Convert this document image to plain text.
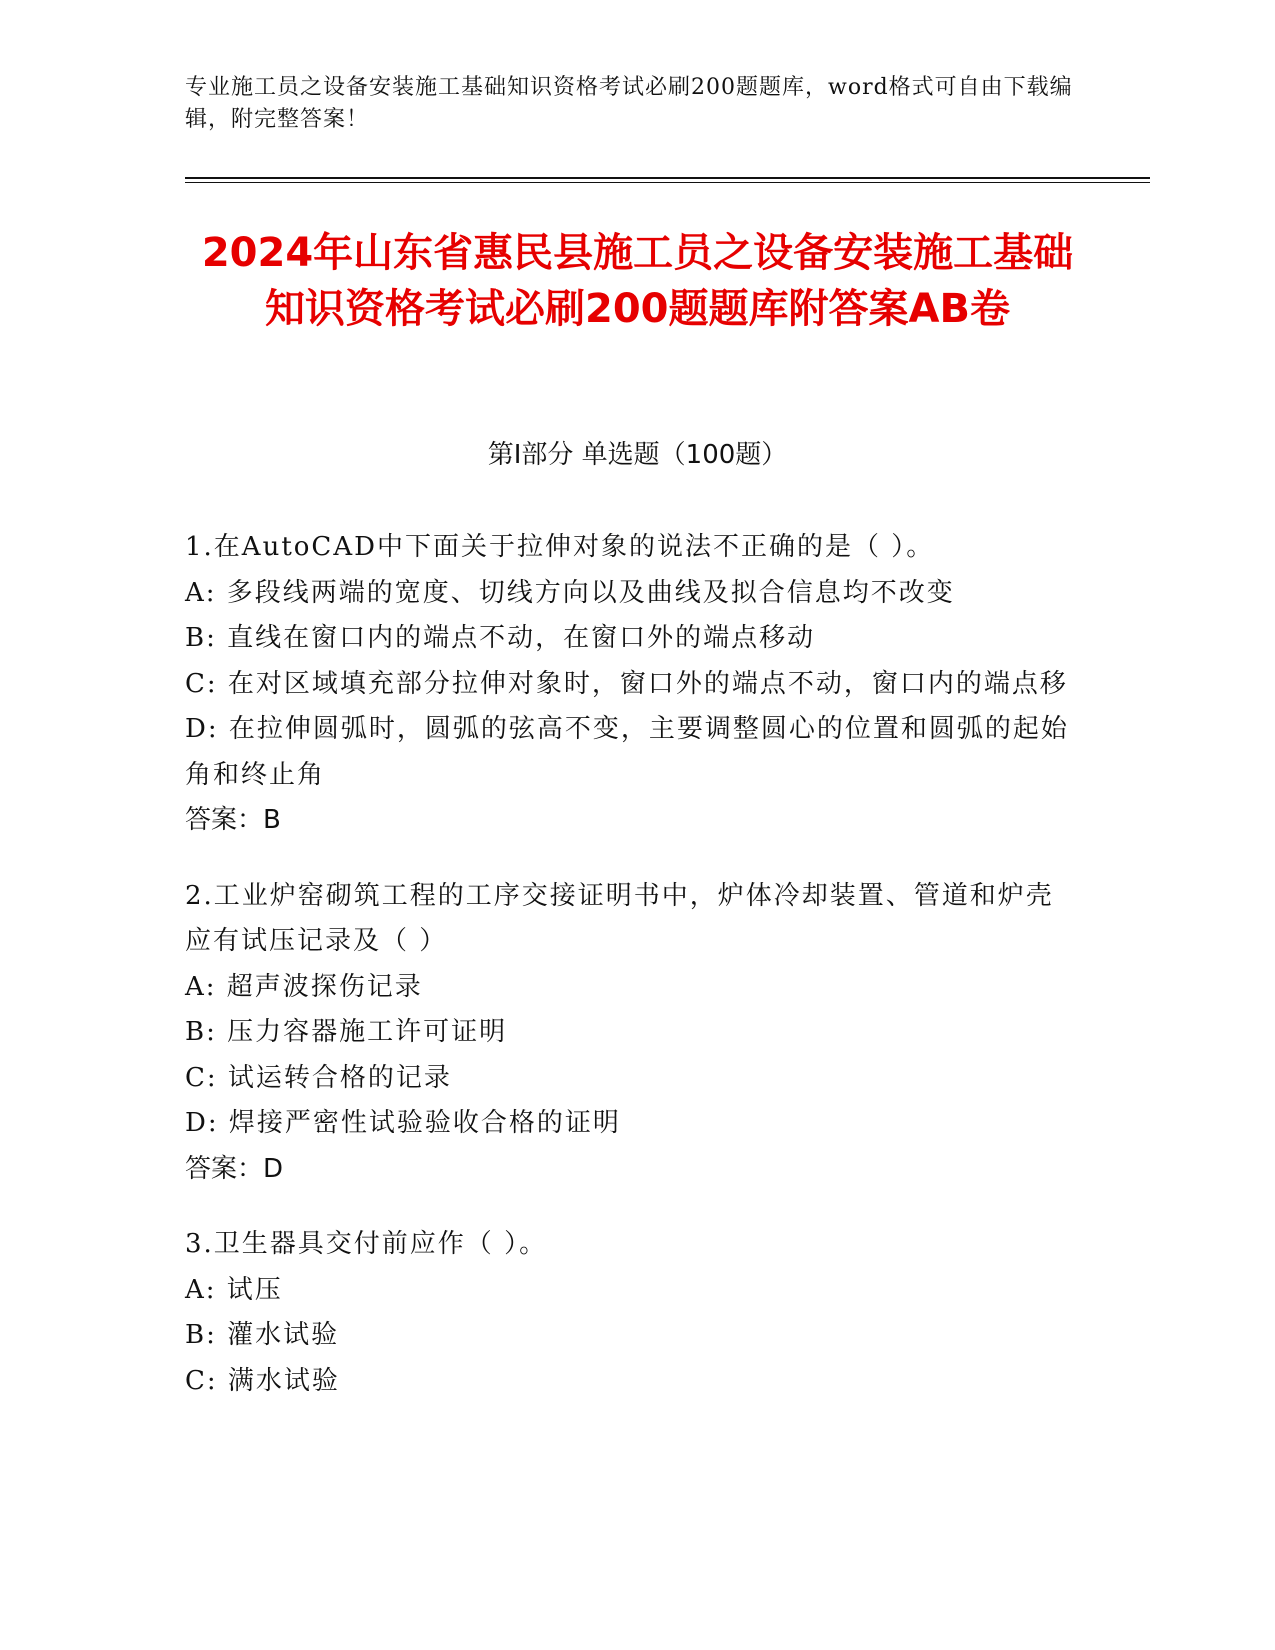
专业施工员之设备安装施工基础知识资格考试必刷200题题库，word格式可自由下载编辑，附完整答案！
2024年山东省惠民县施工员之设备安装施工基础知识资格考试必刷200题题库附答案AB卷
第Ⅰ部分 单选题（100题）
1.在AutoCAD中下面关于拉伸对象的说法不正确的是（ ）。
A: 多段线两端的宽度、切线方向以及曲线及拟合信息均不改变
B: 直线在窗口内的端点不动，在窗口外的端点移动
C: 在对区域填充部分拉伸对象时，窗口外的端点不动，窗口内的端点移
D: 在拉伸圆弧时，圆弧的弦高不变，主要调整圆心的位置和圆弧的起始角和终止角
答案：B
2.工业炉窑砌筑工程的工序交接证明书中，炉体冷却装置、管道和炉壳应有试压记录及（ ）
A: 超声波探伤记录
B: 压力容器施工许可证明
C: 试运转合格的记录
D: 焊接严密性试验验收合格的证明
答案：D
3.卫生器具交付前应作（ ）。
A: 试压
B: 灌水试验
C: 满水试验
